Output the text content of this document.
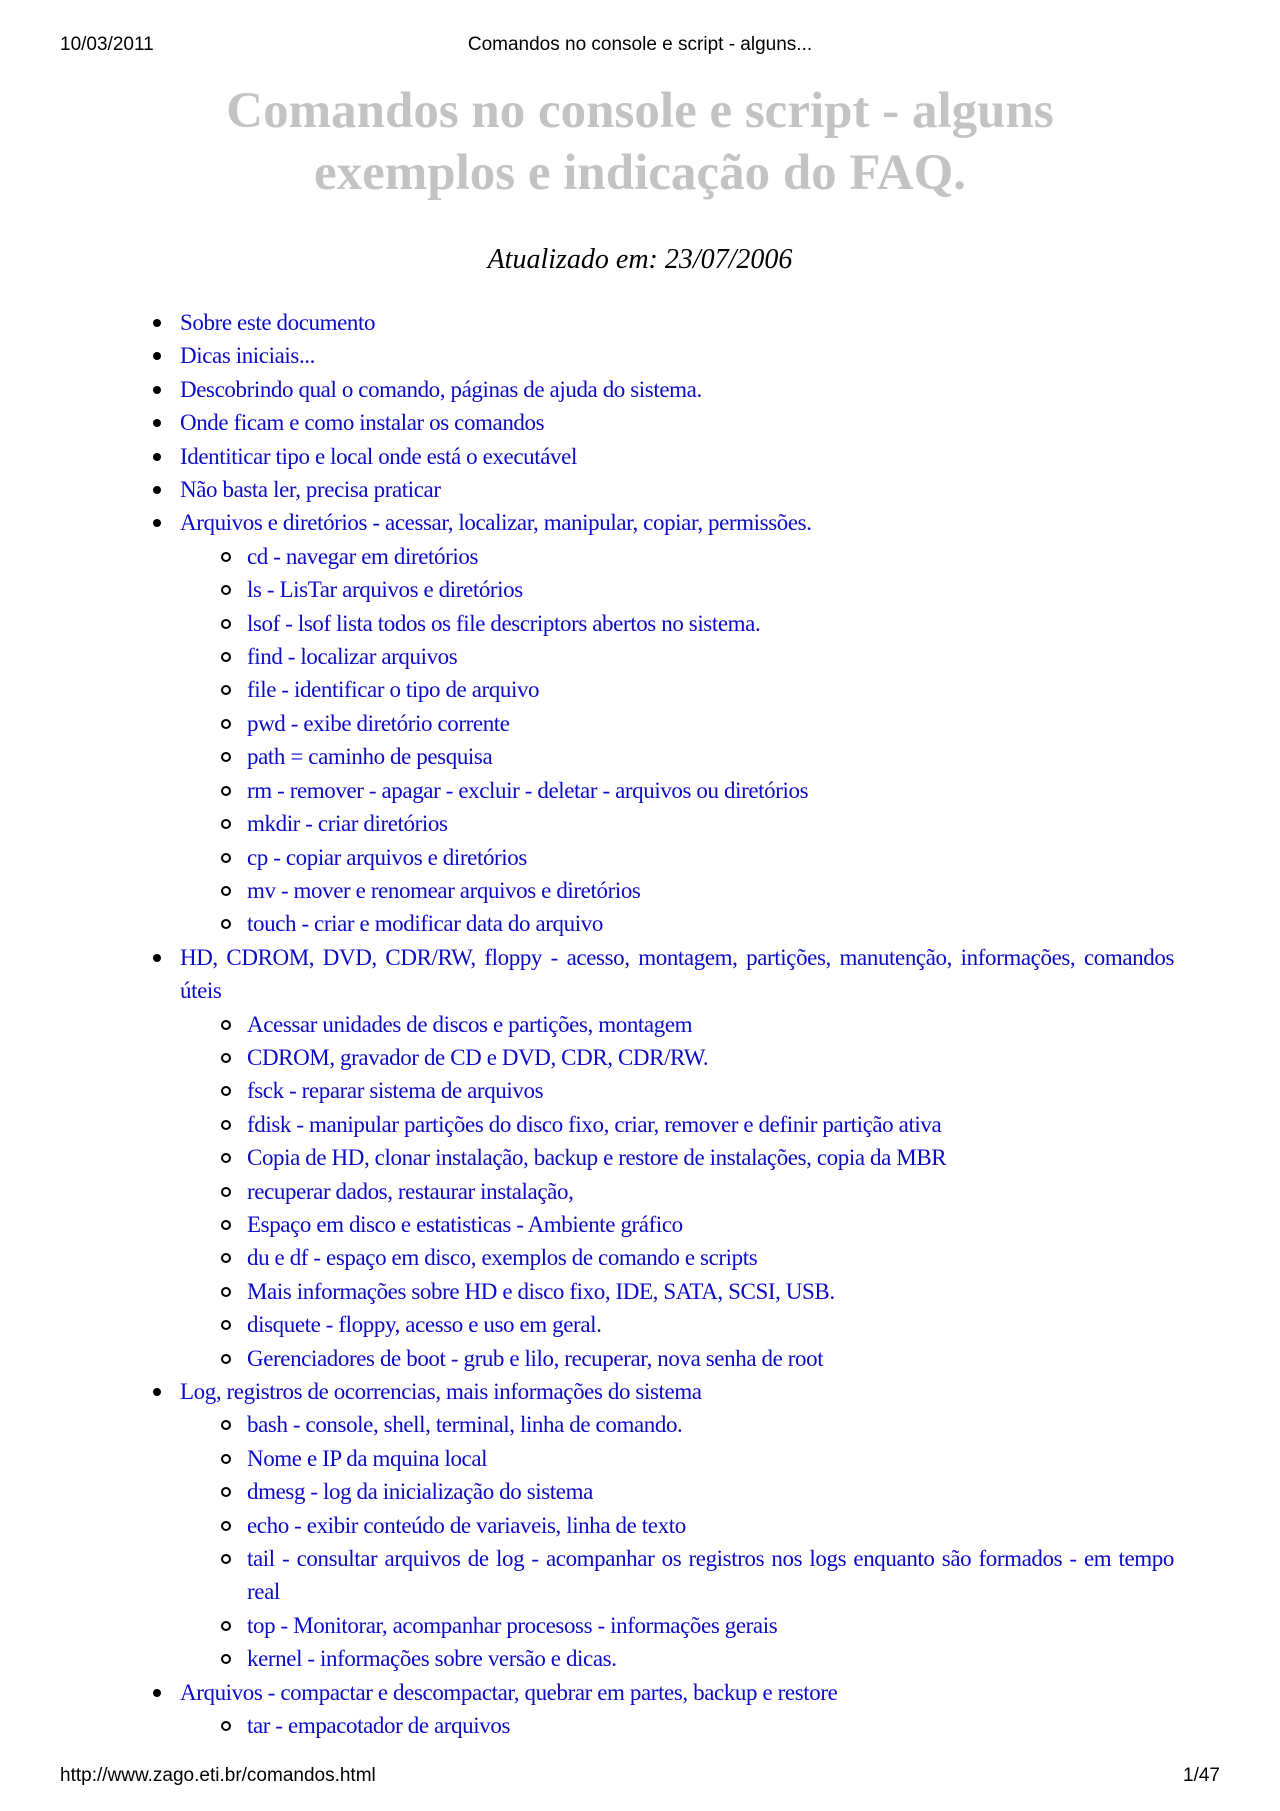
10/03/2011	Comandos no console e script - alguns...
Comandos no console e script - alguns
exemplos e indicação do FAQ.
Atualizado em: 23/07/2006
Sobre este documento
Dicas iniciais...
Descobrindo qual o comando, páginas de ajuda do sistema.
Onde ficam e como instalar os comandos
Identiticar tipo e local onde está o executável
Não basta ler, precisa praticar
Arquivos e diretórios - acessar, localizar, manipular, copiar, permissões.
cd - navegar em diretórios
ls - LisTar arquivos e diretórios
lsof - lsof lista todos os file descriptors abertos no sistema.
find - localizar arquivos
file - identificar o tipo de arquivo
pwd - exibe diretório corrente
path = caminho de pesquisa
rm - remover - apagar - excluir - deletar - arquivos ou diretórios
mkdir - criar diretórios
cp - copiar arquivos e diretórios
mv - mover e renomear arquivos e diretórios
touch - criar e modificar data do arquivo
HD, CDROM, DVD, CDR/RW, floppy - acesso, montagem, partições, manutenção, informações, comandos úteis
Acessar unidades de discos e partições, montagem
CDROM, gravador de CD e DVD, CDR, CDR/RW.
fsck - reparar sistema de arquivos
fdisk - manipular partições do disco fixo, criar, remover e definir partição ativa
Copia de HD, clonar instalação, backup e restore de instalações, copia da MBR
recuperar dados, restaurar instalação,
Espaço em disco e estatisticas - Ambiente gráfico
du e df - espaço em disco, exemplos de comando e scripts
Mais informações sobre HD e disco fixo, IDE, SATA, SCSI, USB.
disquete - floppy, acesso e uso em geral.
Gerenciadores de boot - grub e lilo, recuperar, nova senha de root
Log, registros de ocorrencias, mais informações do sistema
bash - console, shell, terminal, linha de comando.
Nome e IP da mquina local
dmesg - log da inicialização do sistema
echo - exibir conteúdo de variaveis, linha de texto
tail - consultar arquivos de log - acompanhar os registros nos logs enquanto são formados - em tempo real
top - Monitorar, acompanhar procesoss - informações gerais
kernel - informações sobre versão e dicas.
Arquivos - compactar e descompactar, quebrar em partes, backup e restore
tar - empacotador de arquivos
http://www.zago.eti.br/comandos.html	1/47
